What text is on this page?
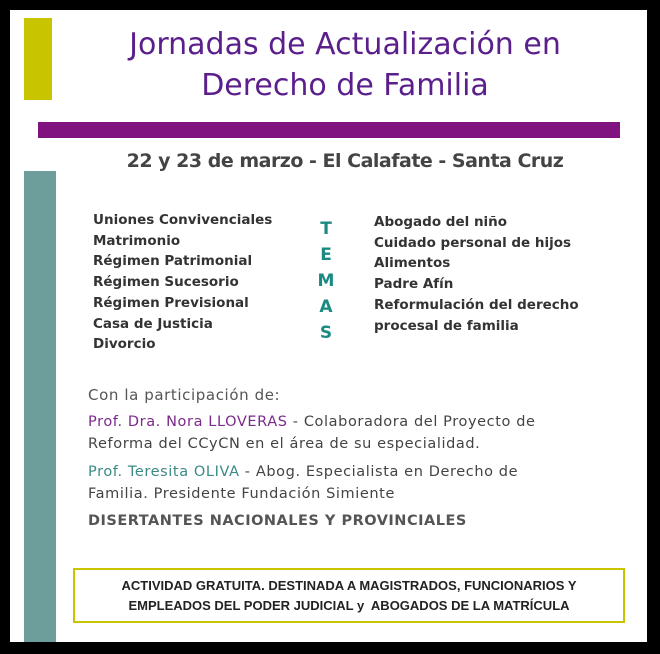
Jornadas de Actualización en
Derecho de Familia
22 y 23 de marzo - El Calafate - Santa Cruz
Uniones Convivenciales
Matrimonio
Régimen Patrimonial
Régimen Sucesorio
Régimen Previsional
Casa de Justicia
Divorcio
T
E
M
A
S
Abogado del niño
Cuidado personal de hijos
Alimentos
Padre Afín
Reformulación del derecho
procesal de familia
Con la participación de:
Prof. Dra. Nora LLOVERAS - Colaboradora del Proyecto de
Reforma del CCyCN en el área de su especialidad.
Prof. Teresita OLIVA - Abog. Especialista en Derecho de
Familia. Presidente Fundación Simiente
DISERTANTES NACIONALES Y PROVINCIALES
ACTIVIDAD GRATUITA. DESTINADA A MAGISTRADOS, FUNCIONARIOS Y
EMPLEADOS DEL PODER JUDICIAL y  ABOGADOS DE LA MATRÍCULA
